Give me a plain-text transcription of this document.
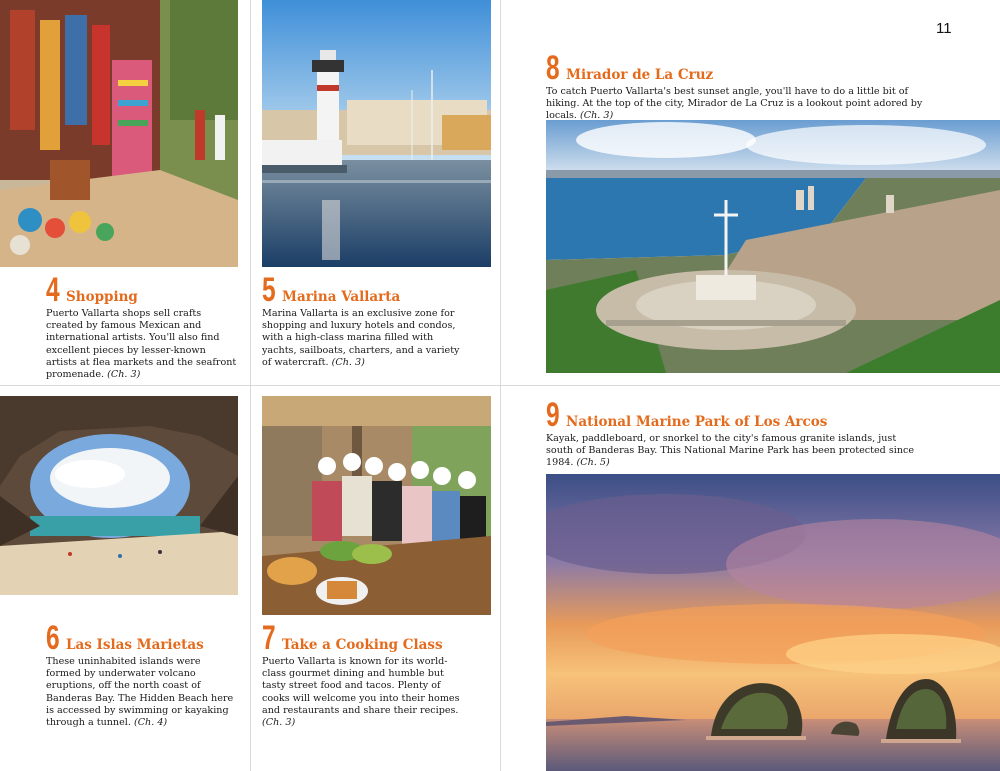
11
4 Shopping

Puerto Vallarta shops sell crafts created by famous Mexican and international artists. You'll also find excellent pieces by lesser-known artists at flea markets and the seafront promenade. (Ch. 3)

5 Marina Vallarta

Marina Vallarta is an exclusive zone for shopping and luxury hotels and condos, with a high-class marina filled with yachts, sailboats, charters, and a variety of watercraft. (Ch. 3)

8 Mirador de La Cruz

To catch Puerto Vallarta's best sunset angle, you'll have to do a little bit of hiking. At the top of the city, Mirador de La Cruz is a lookout point adored by locals. (Ch. 3)

6 Las Islas Marietas

These uninhabited islands were formed by underwater volcano eruptions, off the north coast of Banderas Bay. The Hidden Beach here is accessed by swimming or kayaking through a tunnel. (Ch. 4)

7 Take a Cooking Class

Puerto Vallarta is known for its world-class gourmet dining and humble but tasty street food and tacos. Plenty of cooks will welcome you into their homes and restaurants and share their recipes. (Ch. 3)

9 National Marine Park of Los Arcos

Kayak, paddleboard, or snorkel to the city's famous granite islands, just south of Banderas Bay. This National Marine Park has been protected since 1984. (Ch. 5)
